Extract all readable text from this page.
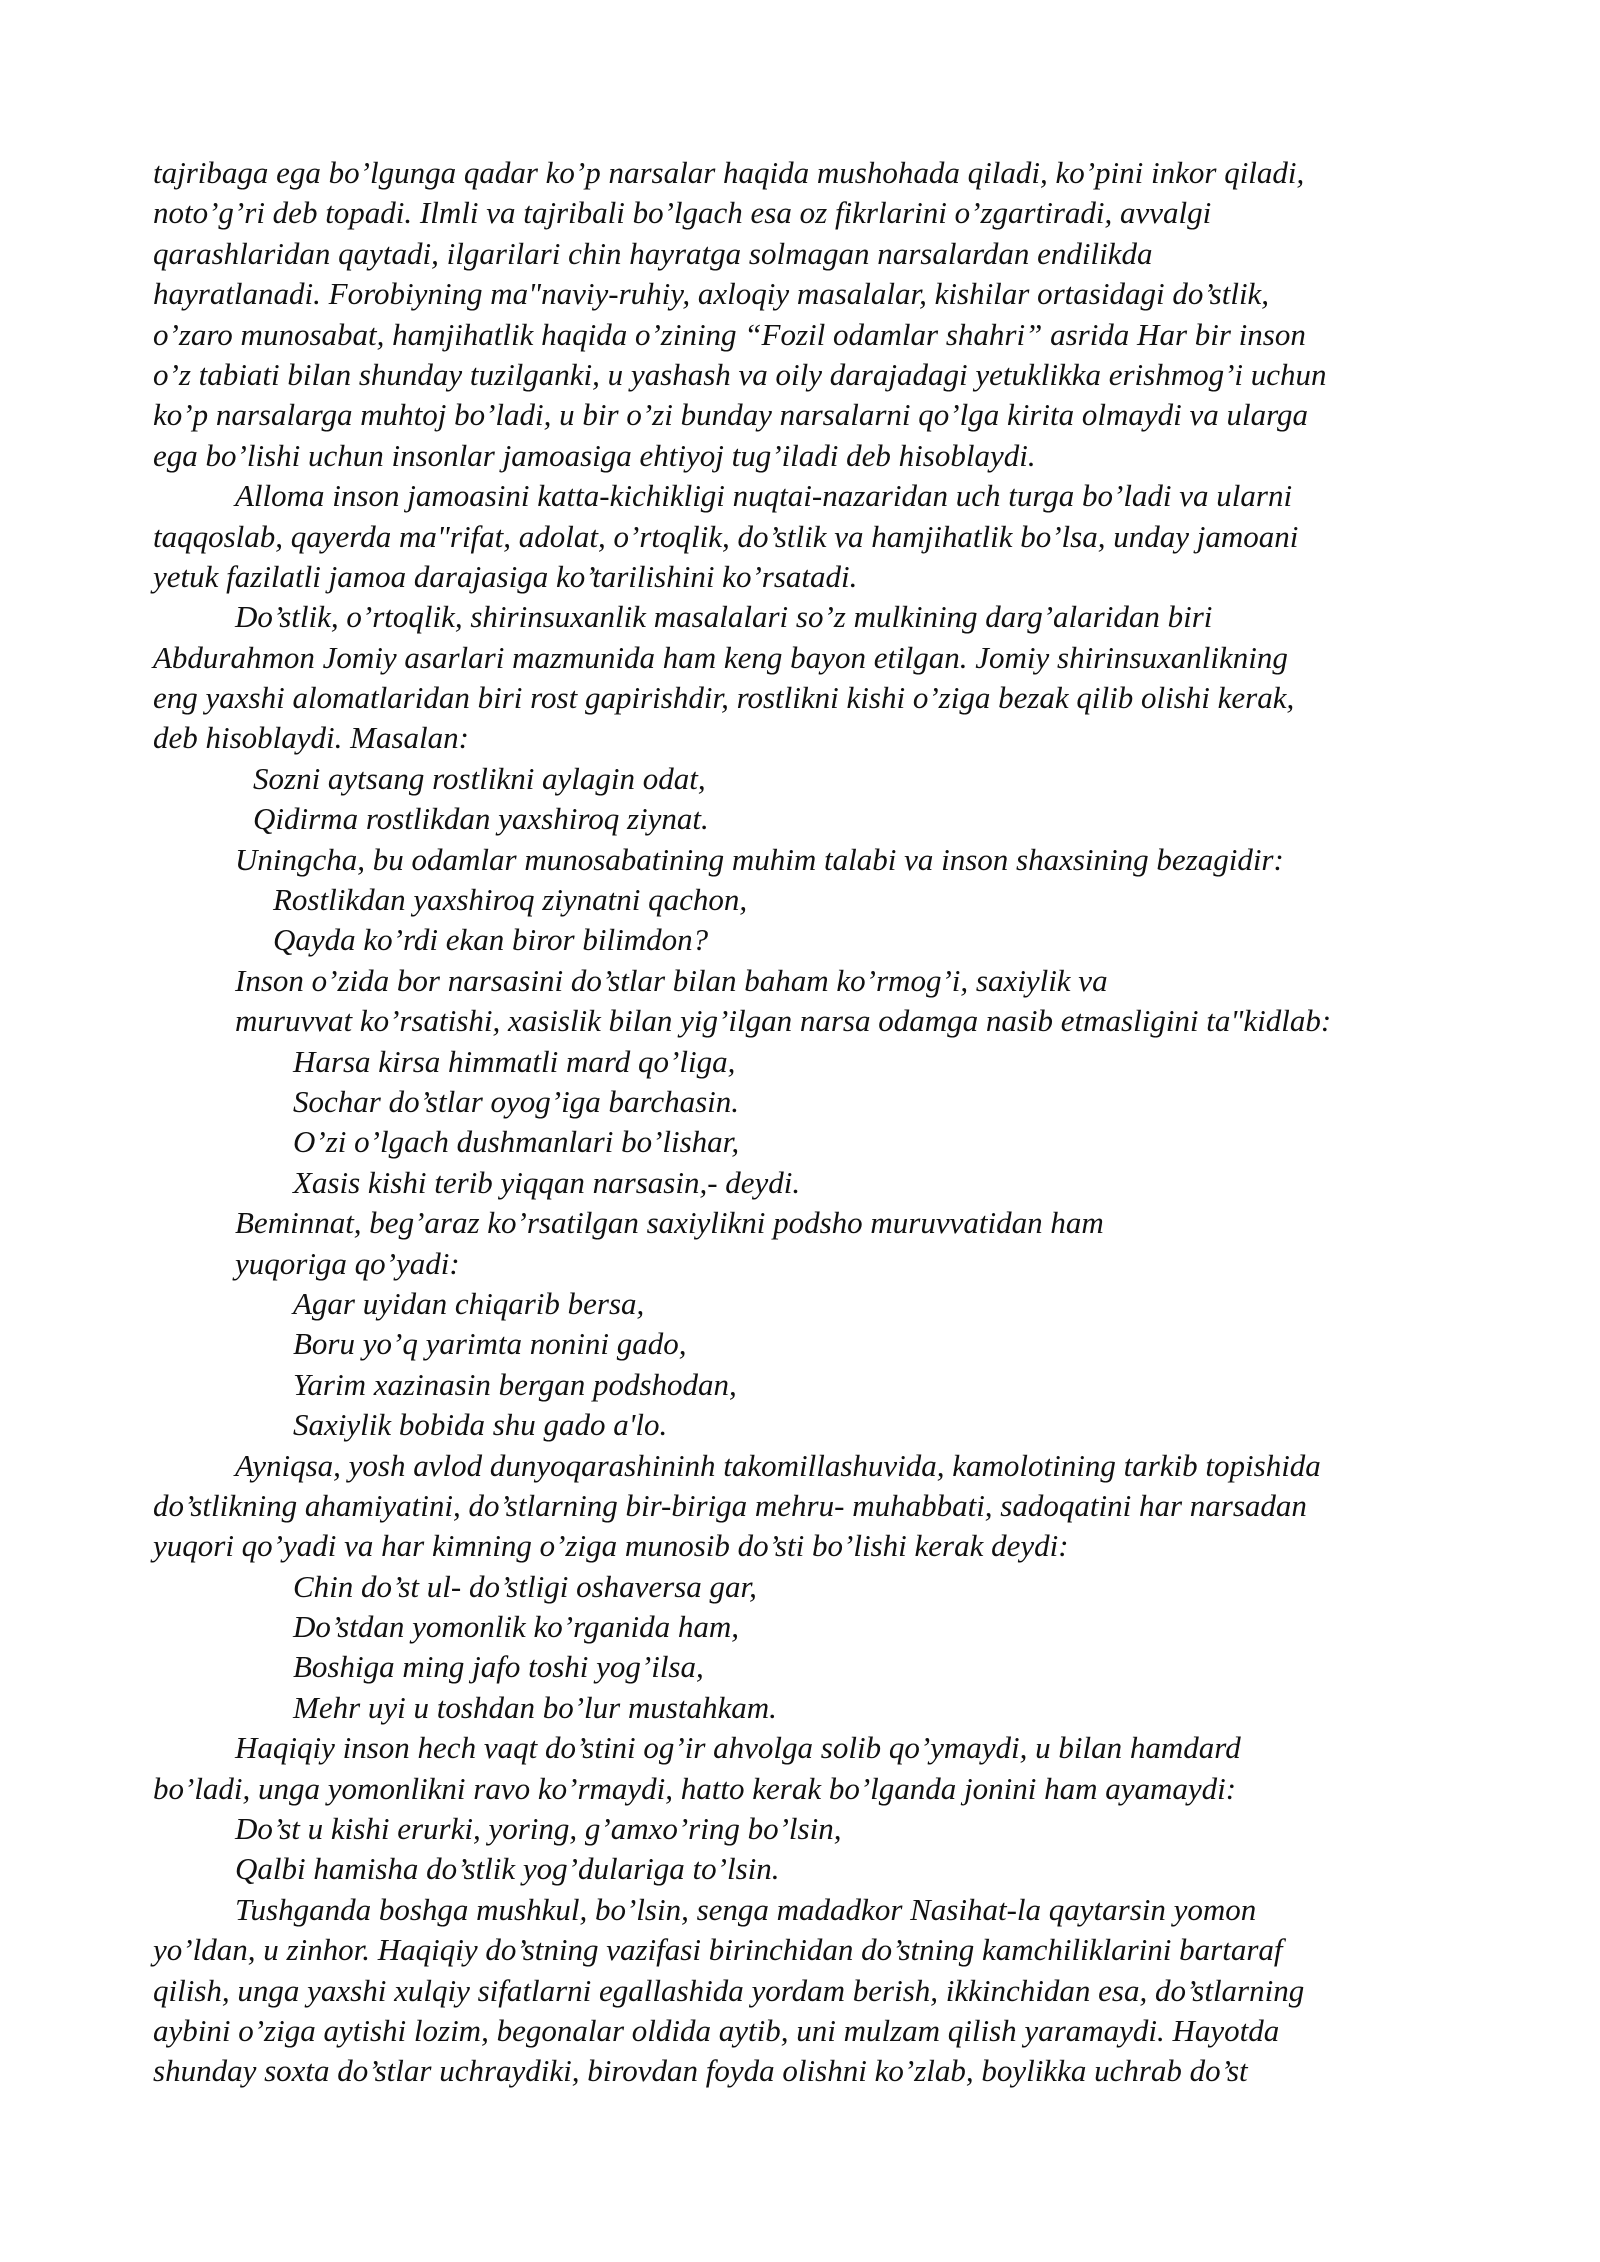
tajribaga ega bo’lgunga qadar ko’p narsalar haqida mushohada qiladi, ko’pini inkor qiladi,
noto’g’ri deb topadi. Ilmli va tajribali bo’lgach esa oz fikrlarini o’zgartiradi, avvalgi
qarashlaridan qaytadi, ilgarilari chin hayratga solmagan narsalardan endilikda
hayratlanadi. Forobiyning ma"naviy-ruhiy, axloqiy masalalar, kishilar ortasidagi do’stlik,
o’zaro munosabat, hamjihatlik haqida o’zining “Fozil odamlar shahri” asrida Har bir inson
o’z tabiati bilan shunday tuzilganki, u yashash va oily darajadagi yetuklikka erishmog’i uchun
ko’p narsalarga muhtoj bo’ladi, u bir o’zi bunday narsalarni qo’lga kirita olmaydi va ularga
ega bo’lishi uchun insonlar jamoasiga ehtiyoj tug’iladi deb hisoblaydi.
Alloma inson jamoasini katta-kichikligi nuqtai-nazaridan uch turga bo’ladi va ularni
taqqoslab, qayerda ma"rifat, adolat, o’rtoqlik, do’stlik va hamjihatlik bo’lsa, unday jamoani
yetuk fazilatli jamoa darajasiga ko’tarilishini ko’rsatadi.
Do’stlik, o’rtoqlik, shirinsuxanlik masalalari so’z mulkining darg’alaridan biri
Abdurahmon Jomiy asarlari mazmunida ham keng bayon etilgan. Jomiy shirinsuxanlikning
eng yaxshi alomatlaridan biri rost gapirishdir, rostlikni kishi o’ziga bezak qilib olishi kerak,
deb hisoblaydi. Masalan:
Sozni aytsang rostlikni aylagin odat,
Qidirma rostlikdan yaxshiroq ziynat.
Uningcha, bu odamlar munosabatining muhim talabi va inson shaxsining bezagidir:
Rostlikdan yaxshiroq ziynatni qachon,
Qayda ko’rdi ekan biror bilimdon?
Inson o’zida bor narsasini do’stlar bilan baham ko’rmog’i, saxiylik va
muruvvat ko’rsatishi, xasislik bilan yig’ilgan narsa odamga nasib etmasligini ta"kidlab:
Harsa kirsa himmatli mard qo’liga,
Sochar do’stlar oyog’iga barchasin.
O’zi o’lgach dushmanlari bo’lishar,
Xasis kishi terib yiqqan narsasin,- deydi.
Beminnat, beg’araz ko’rsatilgan saxiylikni podsho muruvvatidan ham
yuqoriga qo’yadi:
Agar uyidan chiqarib bersa,
Boru yo’q yarimta nonini gado,
Yarim xazinasin bergan podshodan,
Saxiylik bobida shu gado a'lo.
Ayniqsa, yosh avlod dunyoqarashininh takomillashuvida, kamolotining tarkib topishida
do’stlikning ahamiyatini, do’stlarning bir-biriga mehru- muhabbati, sadoqatini har narsadan
yuqori qo’yadi va har kimning o’ziga munosib do’sti bo’lishi kerak deydi:
Chin do’st ul- do’stligi oshaversa gar,
Do’stdan yomonlik ko’rganida ham,
Boshiga ming jafo toshi yog’ilsa,
Mehr uyi u toshdan bo’lur mustahkam.
Haqiqiy inson hech vaqt do’stini og’ir ahvolga solib qo’ymaydi, u bilan hamdard
bo’ladi, unga yomonlikni ravo ko’rmaydi, hatto kerak bo’lganda jonini ham ayamaydi:
Do’st u kishi erurki, yoring, g’amxo’ring bo’lsin,
Qalbi hamisha do’stlik yog’dulariga to’lsin.
Tushganda boshga mushkul, bo’lsin, senga madadkor Nasihat-la qaytarsin yomon
yo’ldan, u zinhor. Haqiqiy do’stning vazifasi birinchidan do’stning kamchiliklarini bartaraf
qilish, unga yaxshi xulqiy sifatlarni egallashida yordam berish, ikkinchidan esa, do’stlarning
aybini o’ziga aytishi lozim, begonalar oldida aytib, uni mulzam qilish yaramaydi. Hayotda
shunday soxta do’stlar uchraydiki, birovdan foyda olishni ko’zlab, boylikka uchrab do’st
